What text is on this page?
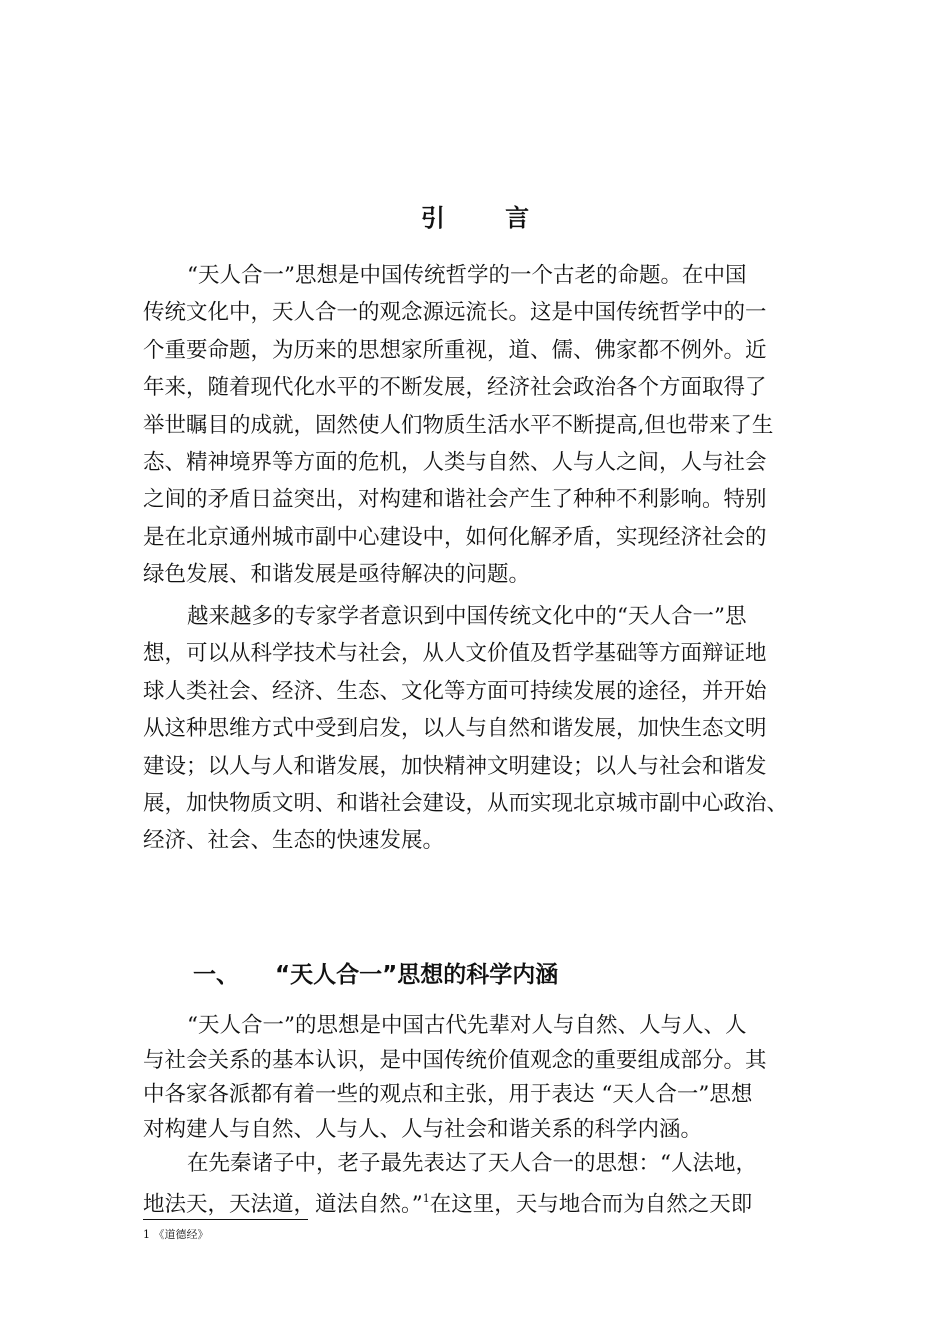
引 言

“天人合一”思想是中国传统哲学的一个古老的命题。在中国
传统文化中，天人合一的观念源远流长。这是中国传统哲学中的一
个重要命题，为历来的思想家所重视，道、儒、佛家都不例外。近
年来，随着现代化水平的不断发展，经济社会政治各个方面取得了
举世瞩目的成就，固然使人们物质生活水平不断提高,但也带来了生
态、精神境界等方面的危机，人类与自然、人与人之间，人与社会
之间的矛盾日益突出，对构建和谐社会产生了种种不利影响。特别
是在北京通州城市副中心建设中，如何化解矛盾，实现经济社会的
绿色发展、和谐发展是亟待解决的问题。

越来越多的专家学者意识到中国传统文化中的“天人合一”思
想，可以从科学技术与社会，从人文价值及哲学基础等方面辩证地
球人类社会、经济、生态、文化等方面可持续发展的途径，并开始
从这种思维方式中受到启发，以人与自然和谐发展，加快生态文明
建设；以人与人和谐发展，加快精神文明建设；以人与社会和谐发
展，加快物质文明、和谐社会建设，从而实现北京城市副中心政治、
经济、社会、生态的快速发展。

一、 “天人合一”思想的科学内涵

“天人合一”的思想是中国古代先辈对人与自然、人与人、人
与社会关系的基本认识，是中国传统价值观念的重要组成部分。其
中各家各派都有着一些的观点和主张，用于表达 “天人合一”思想
对构建人与自然、人与人、人与社会和谐关系的科学内涵。

在先秦诸子中，老子最先表达了天人合一的思想：“人法地，
地法天，天法道，道法自然。”$^1$在这里，天与地合而为自然之天即

1 《道德经》
